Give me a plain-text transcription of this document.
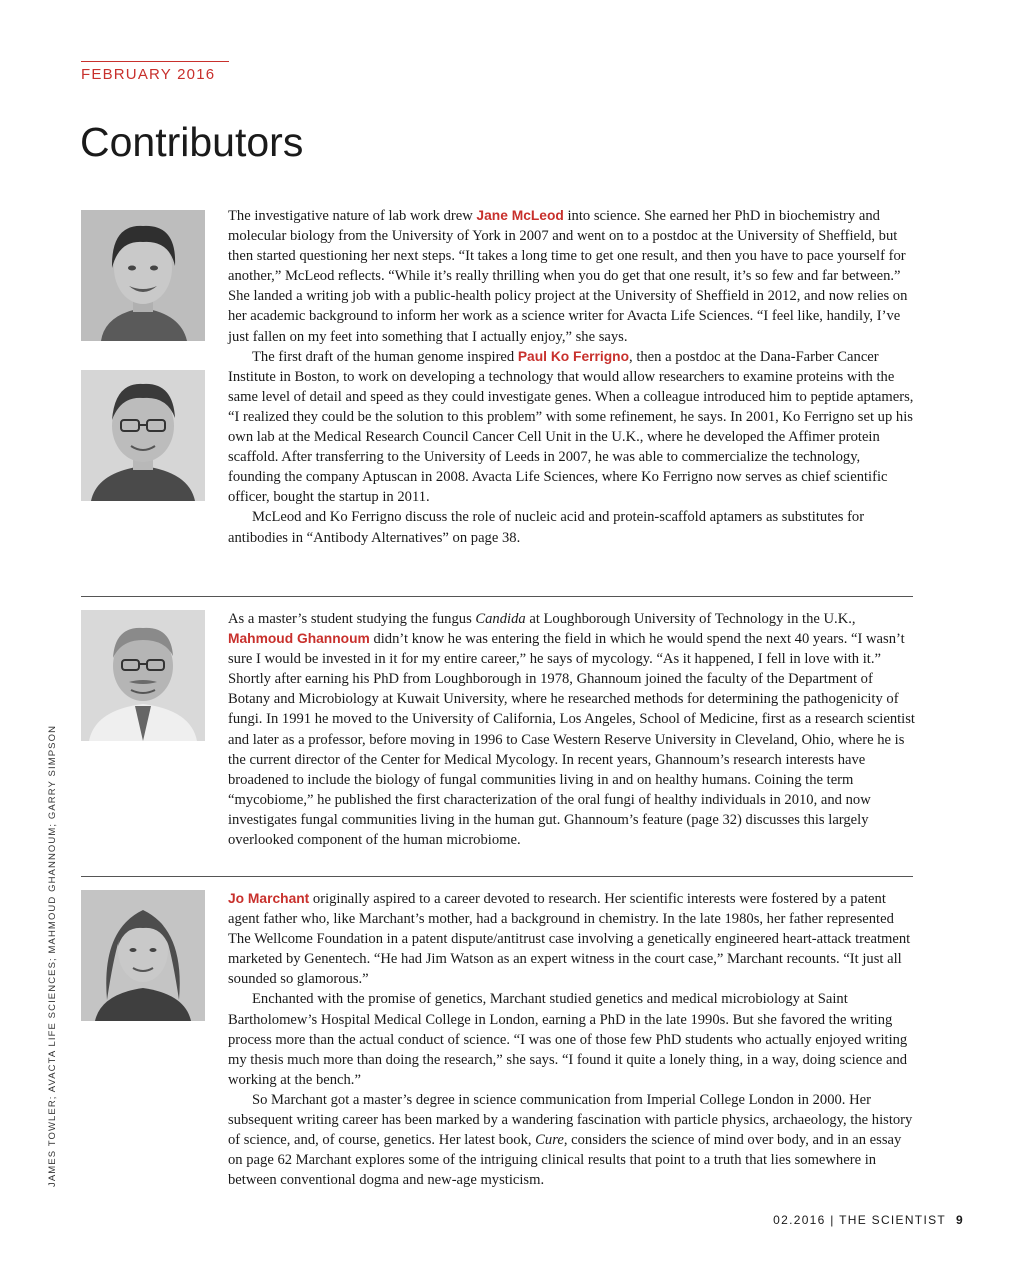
FEBRUARY 2016
Contributors
JAMES TOWLER; AVACTA LIFE SCIENCES; MAHMOUD GHANNOUM; GARRY SIMPSON

The investigative nature of lab work drew Jane McLeod into science. She earned her PhD in biochemistry and molecular biology from the University of York in 2007 and went on to a postdoc at the University of Sheffield, but then started questioning her next steps. “It takes a long time to get one result, and then you have to pace yourself for another,” McLeod reflects. “While it’s really thrilling when you do get that one result, it’s so few and far between.” She landed a writing job with a public-health policy project at the University of Sheffield in 2012, and now relies on her academic background to inform her work as a science writer for Avacta Life Sciences. “I feel like, handily, I’ve just fallen on my feet into something that I actually enjoy,” she says.

The first draft of the human genome inspired Paul Ko Ferrigno, then a postdoc at the Dana-Farber Cancer Institute in Boston, to work on developing a technology that would allow researchers to examine proteins with the same level of detail and speed as they could investigate genes. When a colleague introduced him to peptide aptamers, “I realized they could be the solution to this problem” with some refinement, he says. In 2001, Ko Ferrigno set up his own lab at the Medical Research Council Cancer Cell Unit in the U.K., where he developed the Affimer protein scaffold. After transferring to the University of Leeds in 2007, he was able to commercialize the technology, founding the company Aptuscan in 2008. Avacta Life Sciences, where Ko Ferrigno now serves as chief scientific officer, bought the startup in 2011.

McLeod and Ko Ferrigno discuss the role of nucleic acid and protein-scaffold aptamers as substitutes for antibodies in “Antibody Alternatives” on page 38.

As a master’s student studying the fungus Candida at Loughborough University of Technology in the U.K., Mahmoud Ghannoum didn’t know he was entering the field in which he would spend the next 40 years. “I wasn’t sure I would be invested in it for my entire career,” he says of mycology. “As it happened, I fell in love with it.” Shortly after earning his PhD from Loughborough in 1978, Ghannoum joined the faculty of the Department of Botany and Microbiology at Kuwait University, where he researched methods for determining the pathogenicity of fungi. In 1991 he moved to the University of California, Los Angeles, School of Medicine, first as a research scientist and later as a professor, before moving in 1996 to Case Western Reserve University in Cleveland, Ohio, where he is the current director of the Center for Medical Mycology. In recent years, Ghannoum’s research interests have broadened to include the biology of fungal communities living in and on healthy humans. Coining the term “mycobiome,” he published the first characterization of the oral fungi of healthy individuals in 2010, and now investigates fungal communities living in the human gut. Ghannoum’s feature (page 32) discusses this largely overlooked component of the human microbiome.

Jo Marchant originally aspired to a career devoted to research. Her scientific interests were fostered by a patent agent father who, like Marchant’s mother, had a background in chemistry. In the late 1980s, her father represented The Wellcome Foundation in a patent dispute/antitrust case involving a genetically engineered heart-attack treatment marketed by Genentech. “He had Jim Watson as an expert witness in the court case,” Marchant recounts. “It just all sounded so glamorous.”

Enchanted with the promise of genetics, Marchant studied genetics and medical microbiology at Saint Bartholomew’s Hospital Medical College in London, earning a PhD in the late 1990s. But she favored the writing process more than the actual conduct of science. “I was one of those few PhD students who actually enjoyed writing my thesis much more than doing the research,” she says. “I found it quite a lonely thing, in a way, doing science and working at the bench.”

So Marchant got a master’s degree in science communication from Imperial College London in 2000. Her subsequent writing career has been marked by a wandering fascination with particle physics, archaeology, the history of science, and, of course, genetics. Her latest book, Cure, considers the science of mind over body, and in an essay on page 62 Marchant explores some of the intriguing clinical results that point to a truth that lies somewhere in between conventional dogma and new-age mysticism.

02.2016 | THE SCIENTIST 9
